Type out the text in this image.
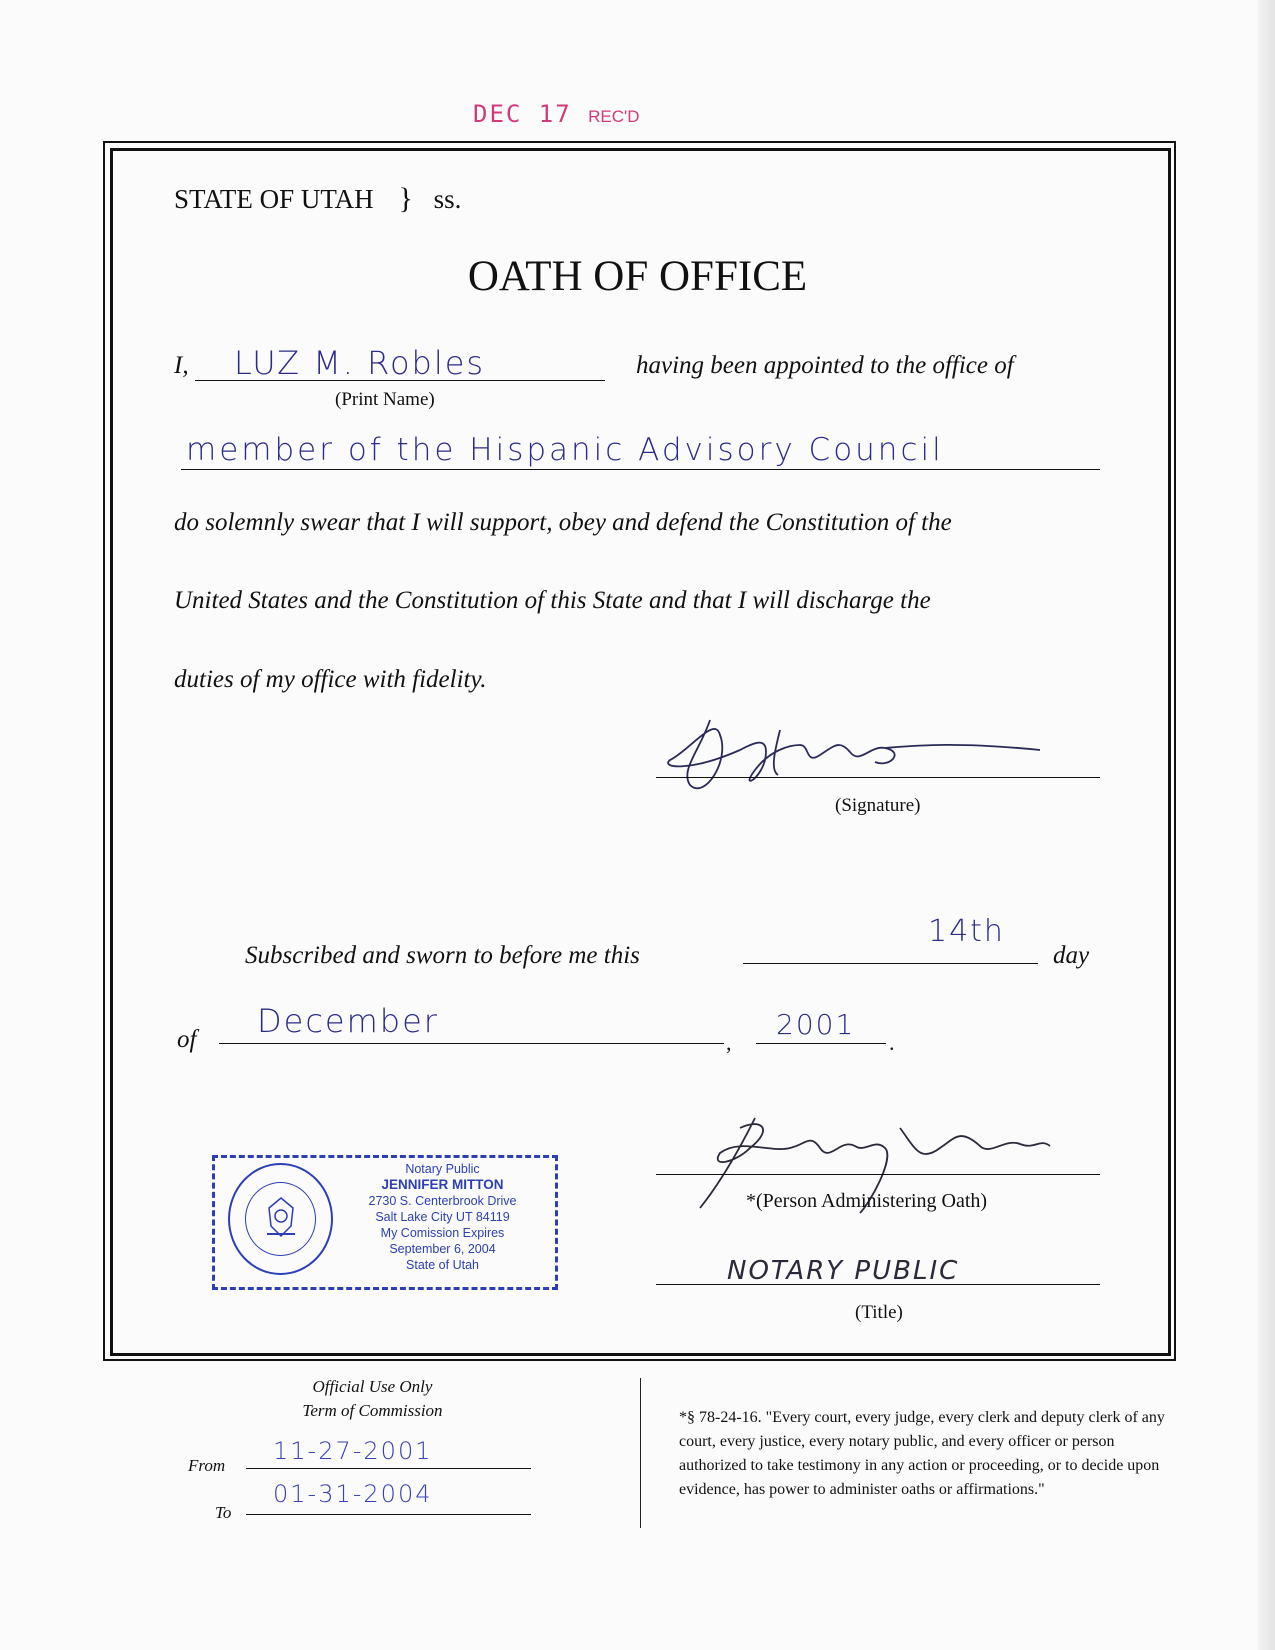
DEC 17 REC'D
STATE OF UTAH } ss.
OATH OF OFFICE
I, LUZ M. Robles
(Print Name)
having been appointed to the office of
member of the Hispanic Advisory Council
do solemnly swear that I will support, obey and defend the Constitution of the
United States and the Constitution of this State and that I will discharge the
duties of my office with fidelity.
(Signature)
Subscribed and sworn to before me this
14th
day
of December
,
2001
.
Notary Public
JENNIFER MITTON
2730 S. Centerbrook Drive
Salt Lake City UT 84119
My Comission Expires
September 6, 2004
State of Utah
*(Person Administering Oath)
NOTARY PUBLIC
(Title)
Official Use Only
Term of Commission
From
11-27-2001
To
01-31-2004
*§ 78-24-16. "Every court, every judge, every clerk and deputy clerk of any court, every justice, every notary public, and every officer or person authorized to take testimony in any action or proceeding, or to decide upon evidence, has power to administer oaths or affirmations."
